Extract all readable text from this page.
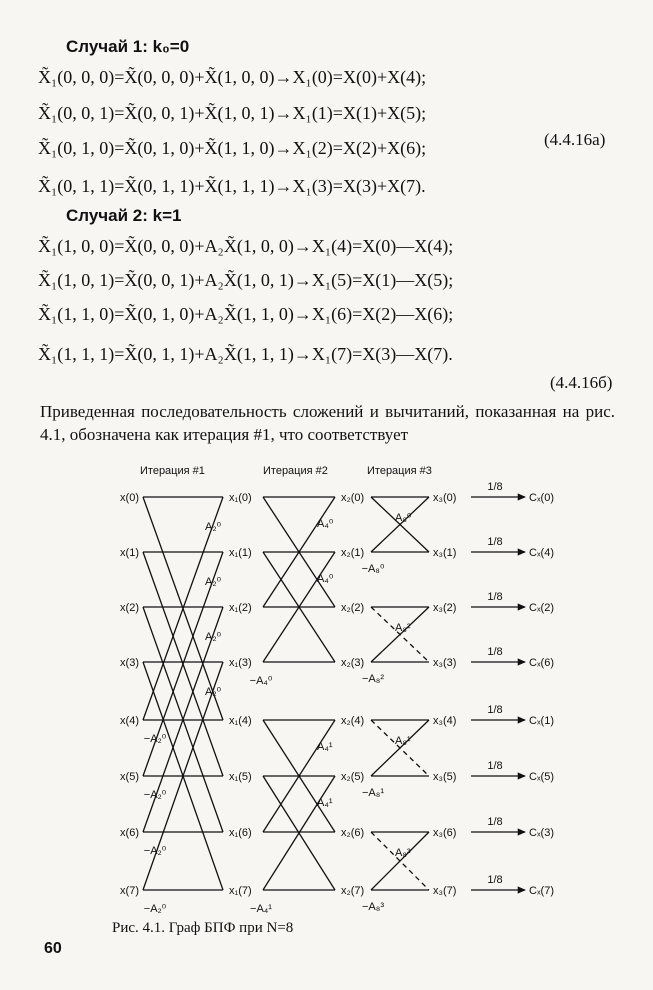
Случай 1: k₀=0
X̃₁(0, 0, 0)=X̃(0, 0, 0)+X̃(1, 0, 0)→X₁(0)=X(0)+X(4);
X̃₁(0, 0, 1)=X̃(0, 0, 1)+X̃(1, 0, 1)→X₁(1)=X(1)+X(5);
X̃₁(0, 1, 0)=X̃(0, 1, 0)+X̃(1, 1, 0)→X₁(2)=X(2)+X(6);	(4.4.16a)
X̃₁(0, 1, 1)=X̃(0, 1, 1)+X̃(1, 1, 1)→X₁(3)=X(3)+X(7).
Случай 2: k=1
X̃₁(1, 0, 0)=X̃(0, 0, 0)+A₂X̃(1, 0, 0)→X₁(4)=X(0)—X(4);
X̃₁(1, 0, 1)=X̃(0, 0, 1)+A₂X̃(1, 0, 1)→X₁(5)=X(1)—X(5);
X̃₁(1, 1, 0)=X̃(0, 1, 0)+A₂X̃(1, 1, 0)→X₁(6)=X(2)—X(6);
X̃₁(1, 1, 1)=X̃(0, 1, 1)+A₂X̃(1, 1, 1)→X₁(7)=X(3)—X(7).
(4.4.16б)
Приведенная последовательность сложений и вычитаний, показанная на рис. 4.1, обозначена как итерация #1, что соответствует
Итерация #1	Итерация #2	Итерация #3
1/8
1/8
1/8
1/8
1/8
1/8
1/8
1/8
x(0)	x₁(0)	x₂(0)	x₃(0)	Cₓ(0)
x(1)	x₁(1)	x₂(1)	x₃(1)	Cₓ(4)
x(2)	x₁(2)	x₂(2)	x₃(2)	Cₓ(2)
x(3)	x₁(3)	x₂(3)	x₃(3)	Cₓ(6)
x(4)	x₁(4)	x₂(4)	x₃(4)	Cₓ(1)
x(5)	x₁(5)	x₂(5)	x₃(5)	Cₓ(5)
x(6)	x₁(6)	x₂(6)	x₃(6)	Cₓ(3)
x(7)	x₁(7)	x₂(7)	x₃(7)	Cₓ(7)
A₂⁰
−A₂⁰
A₂⁰
−A₂⁰
A₂⁰
−A₂⁰
A₂⁰
−A₂⁰
A₄⁰
A₄⁰
A₄¹
A₄¹
−A₄⁰
−A₄¹
A₈⁰
−A₈⁰
A₈²
−A₈²
A₈¹
−A₈¹
A₈³
−A₈³
Рис. 4.1. Граф БПФ при N=8
60
